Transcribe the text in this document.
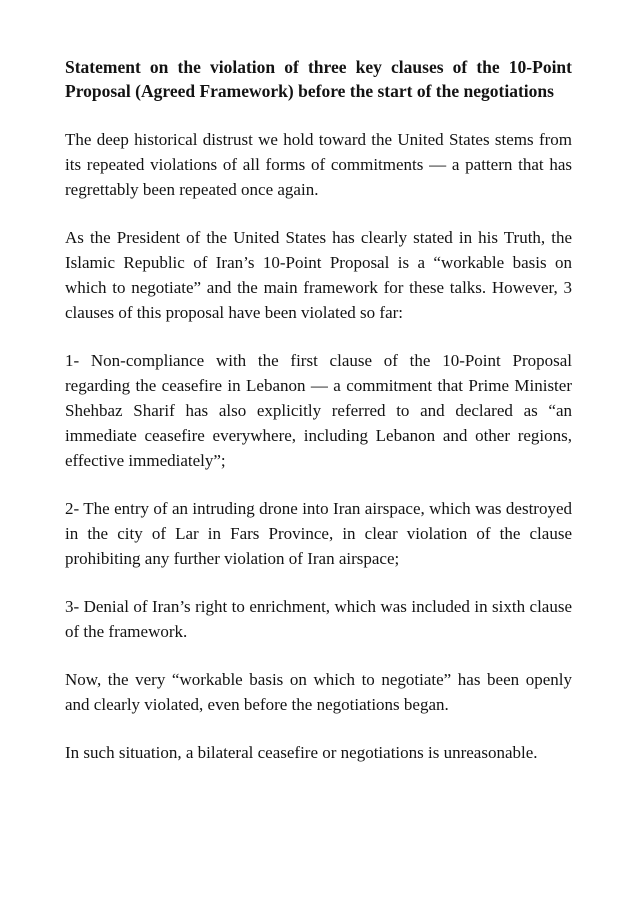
Statement on the violation of three key clauses of the 10-Point Proposal (Agreed Framework) before the start of the negotiations

The deep historical distrust we hold toward the United States stems from its repeated violations of all forms of commitments — a pattern that has regrettably been repeated once again.

As the President of the United States has clearly stated in his Truth, the Islamic Republic of Iran’s 10-Point Proposal is a “workable basis on which to negotiate” and the main framework for these talks. However, 3 clauses of this proposal have been violated so far:

1- Non-compliance with the first clause of the 10-Point Proposal regarding the ceasefire in Lebanon — a commitment that Prime Minister Shehbaz Sharif has also explicitly referred to and declared as “an immediate ceasefire everywhere, including Lebanon and other regions, effective immediately”;

2- The entry of an intruding drone into Iran airspace, which was destroyed in the city of Lar in Fars Province, in clear violation of the clause prohibiting any further violation of Iran airspace;

3- Denial of Iran’s right to enrichment, which was included in sixth clause of the framework.

Now, the very “workable basis on which to negotiate” has been openly and clearly violated, even before the negotiations began.

In such situation, a bilateral ceasefire or negotiations is unreasonable.
